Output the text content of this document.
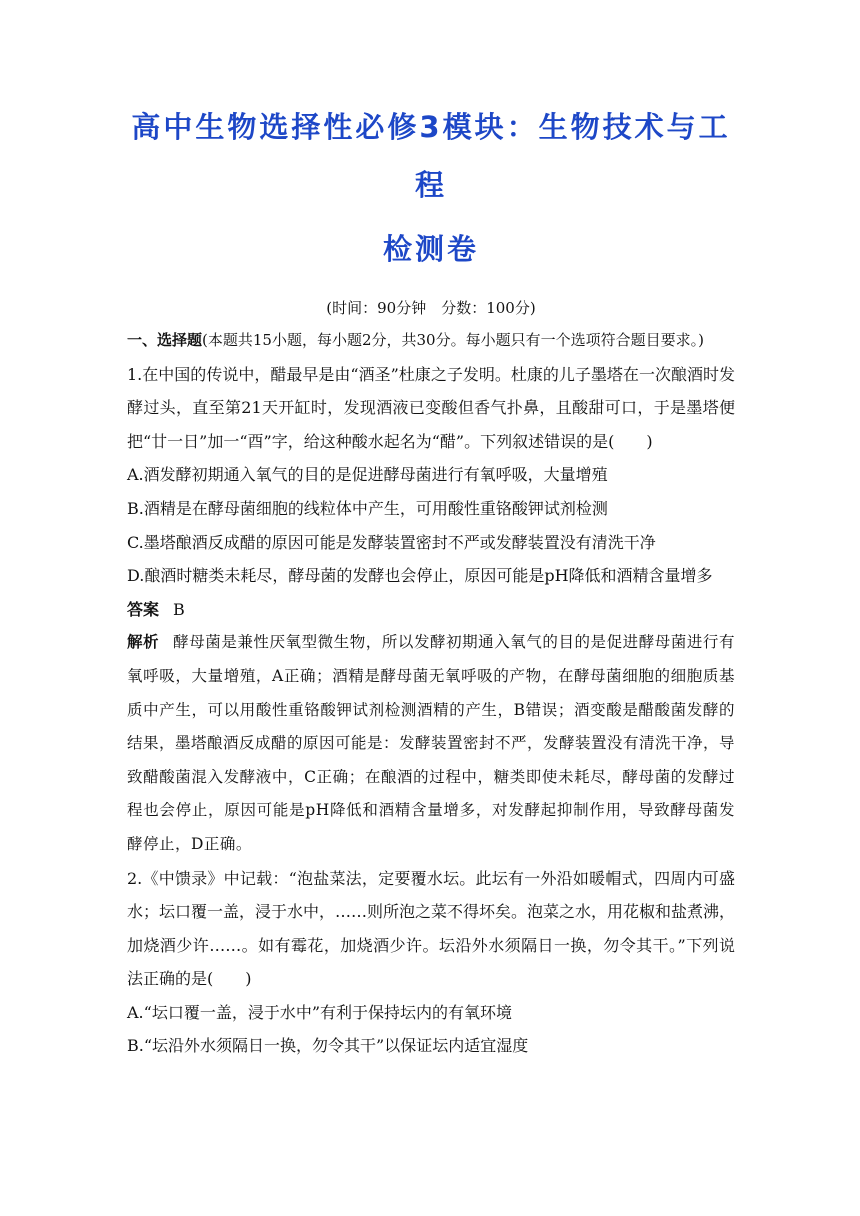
高中生物选择性必修3模块：生物技术与工程
检测卷
(时间：90分钟　分数：100分)

一、选择题(本题共15小题，每小题2分，共30分。每小题只有一个选项符合题目要求。)

1.在中国的传说中，醋最早是由“酒圣”杜康之子发明。杜康的儿子墨塔在一次酿酒时发酵过头，直至第21天开缸时，发现酒液已变酸但香气扑鼻，且酸甜可口，于是墨塔便把“廿一日”加一“酉”字，给这种酸水起名为“醋”。下列叙述错误的是(　　)

A.酒发酵初期通入氧气的目的是促进酵母菌进行有氧呼吸，大量增殖

B.酒精是在酵母菌细胞的线粒体中产生，可用酸性重铬酸钾试剂检测

C.墨塔酿酒反成醋的原因可能是发酵装置密封不严或发酵装置没有清洗干净

D.酿酒时糖类未耗尽，酵母菌的发酵也会停止，原因可能是pH降低和酒精含量增多

答案 B

解析 酵母菌是兼性厌氧型微生物，所以发酵初期通入氧气的目的是促进酵母菌进行有氧呼吸，大量增殖，A正确；酒精是酵母菌无氧呼吸的产物，在酵母菌细胞的细胞质基质中产生，可以用酸性重铬酸钾试剂检测酒精的产生，B错误；酒变酸是醋酸菌发酵的结果，墨塔酿酒反成醋的原因可能是：发酵装置密封不严，发酵装置没有清洗干净，导致醋酸菌混入发酵液中，C正确；在酿酒的过程中，糖类即使未耗尽，酵母菌的发酵过程也会停止，原因可能是pH降低和酒精含量增多，对发酵起抑制作用，导致酵母菌发酵停止，D正确。

2.《中馈录》中记载：“泡盐菜法，定要覆水坛。此坛有一外沿如暖帽式，四周内可盛水；坛口覆一盖，浸于水中，……则所泡之菜不得坏矣。泡菜之水，用花椒和盐煮沸，加烧酒少许……。如有霉花，加烧酒少许。坛沿外水须隔日一换，勿令其干。”下列说法正确的是(　　)

A.“坛口覆一盖，浸于水中”有利于保持坛内的有氧环境

B.“坛沿外水须隔日一换，勿令其干”以保证坛内适宜湿度
